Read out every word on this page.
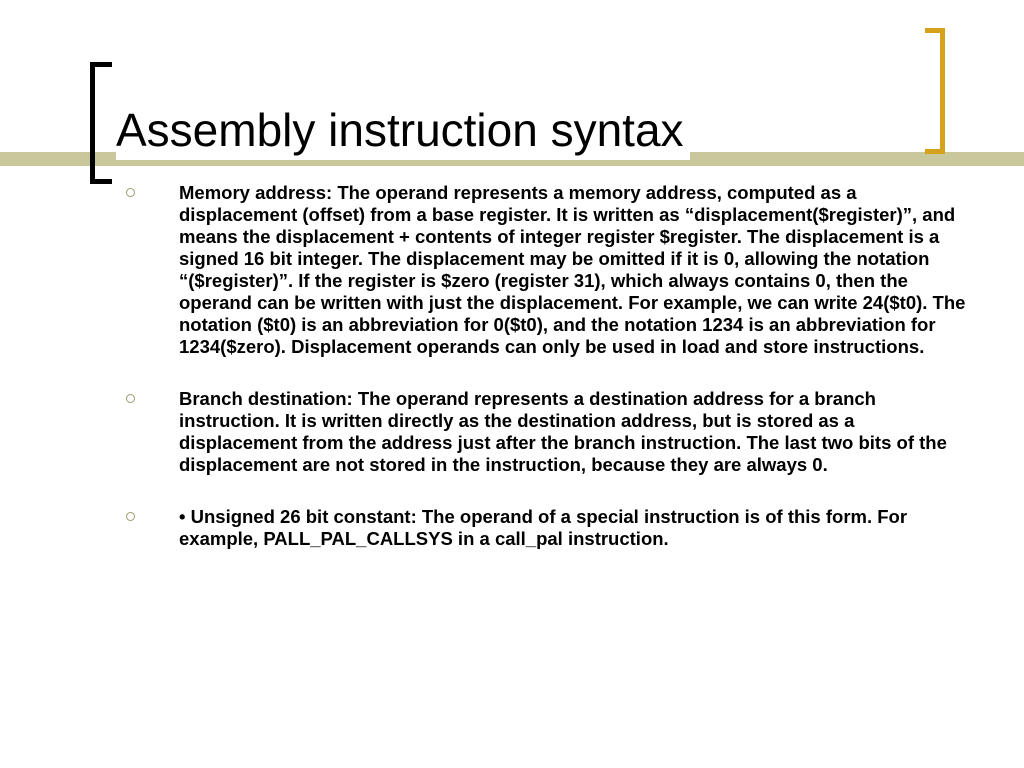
Assembly instruction syntax
Memory address: The operand represents a memory address, computed as a displacement (offset) from a base register. It is written as “displacement($register)”, and means the displacement + contents of integer register $register. The displacement is a signed 16 bit integer. The displacement may be omitted if it is 0, allowing the notation “($register)”. If the register is $zero (register 31), which always contains 0, then the operand can be written with just the displacement. For example, we can write 24($t0). The notation ($t0) is an abbreviation for 0($t0), and the notation 1234 is an abbreviation for 1234($zero). Displacement operands can only be used in load and store instructions.
Branch destination: The operand represents a destination address for a branch instruction. It is written directly as the destination address, but is stored as a displacement from the address just after the branch instruction. The last two bits of the displacement are not stored in the instruction, because they are always 0.
• Unsigned 26 bit constant: The operand of a special instruction is of this form. For example, PALL_PAL_CALLSYS in a call_pal instruction.
